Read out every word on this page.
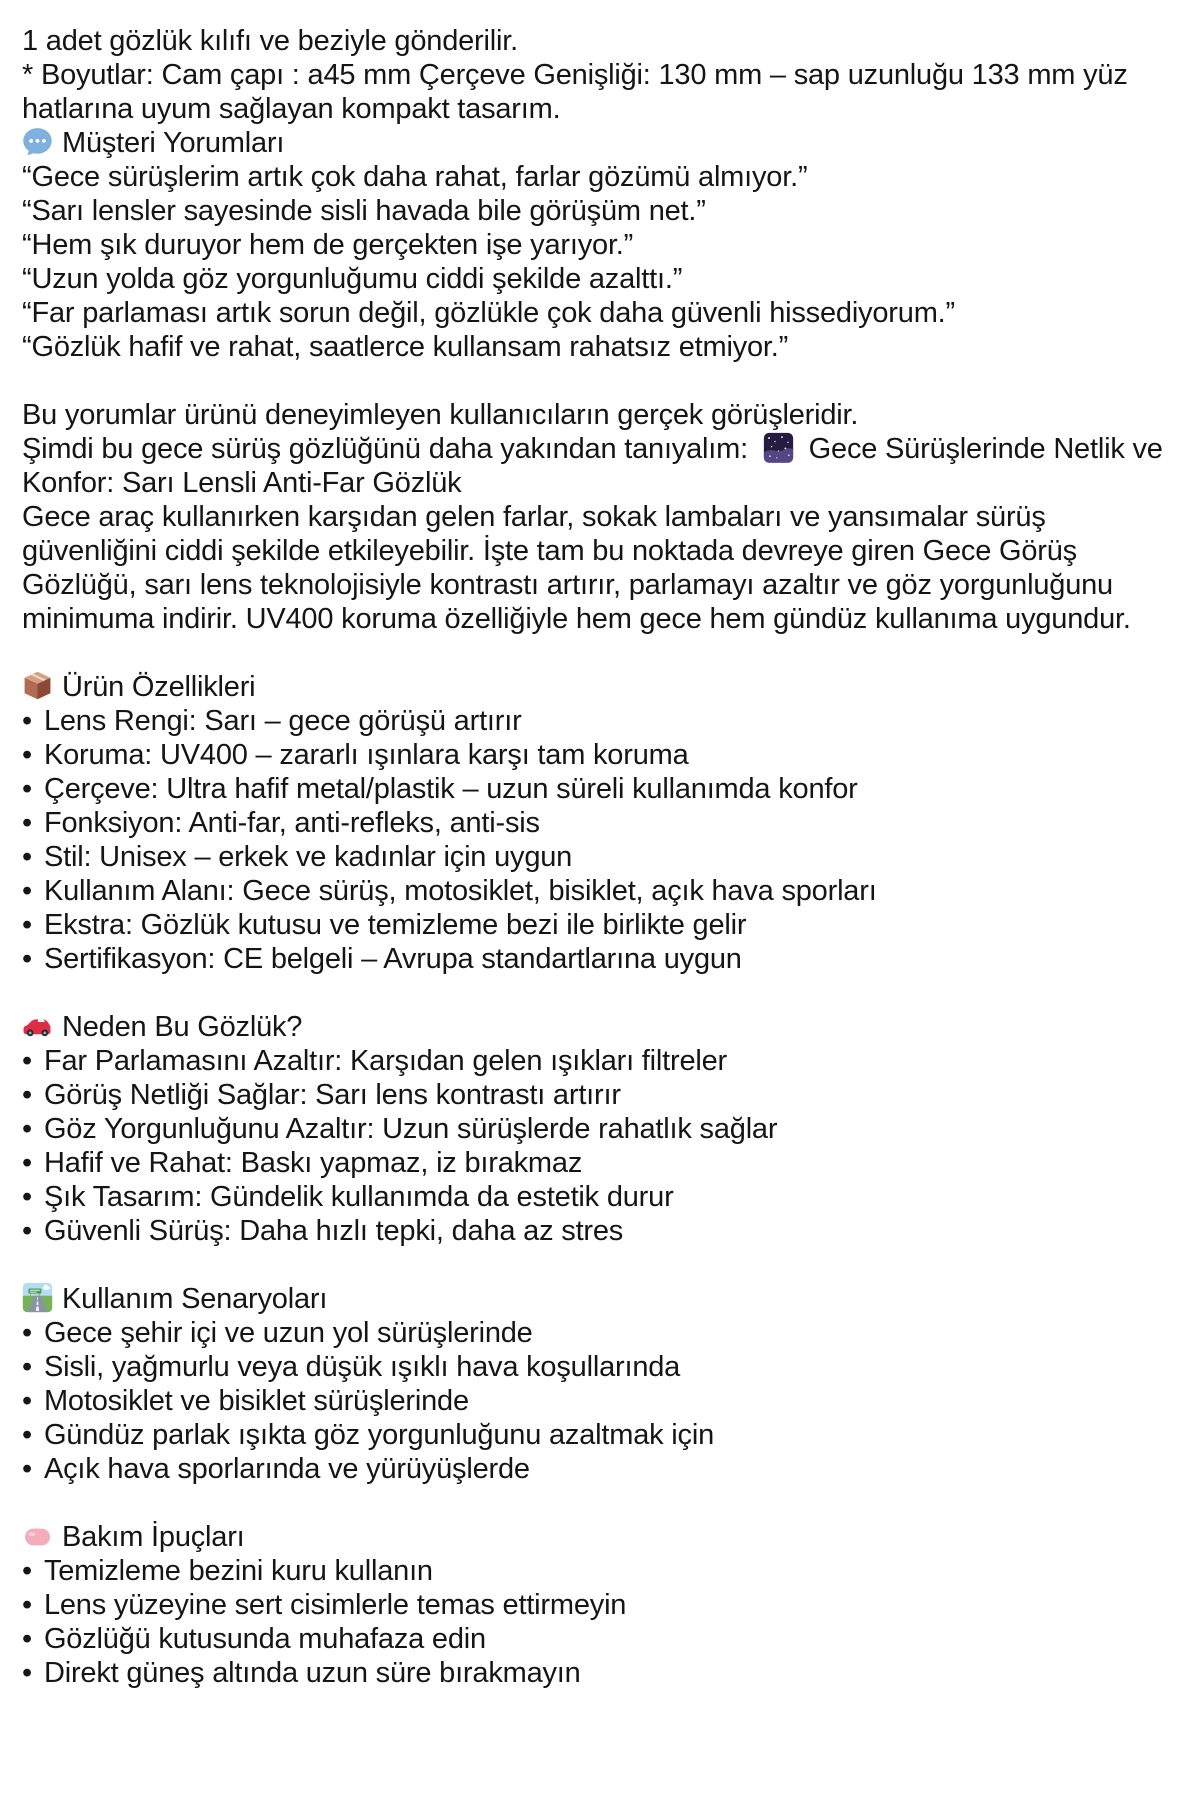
1 adet gözlük kılıfı ve beziyle gönderilir.

* Boyutlar: Cam çapı : a45 mm Çerçeve Genişliği: 130 mm – sap uzunluğu 133 mm yüz hatlarına uyum sağlayan kompakt tasarım.

Müşteri Yorumları

“Gece sürüşlerim artık çok daha rahat, farlar gözümü almıyor.”

“Sarı lensler sayesinde sisli havada bile görüşüm net.”

“Hem şık duruyor hem de gerçekten işe yarıyor.”

“Uzun yolda göz yorgunluğumu ciddi şekilde azalttı.”

“Far parlaması artık sorun değil, gözlükle çok daha güvenli hissediyorum.”

“Gözlük hafif ve rahat, saatlerce kullansam rahatsız etmiyor.”

Bu yorumlar ürünü deneyimleyen kullanıcıların gerçek görüşleridir.

Şimdi bu gece sürüş gözlüğünü daha yakından tanıyalım: Gece Sürüşlerinde Netlik ve Konfor: Sarı Lensli Anti-Far Gözlük

Gece araç kullanırken karşıdan gelen farlar, sokak lambaları ve yansımalar sürüş güvenliğini ciddi şekilde etkileyebilir. İşte tam bu noktada devreye giren Gece Görüş Gözlüğü, sarı lens teknolojisiyle kontrastı artırır, parlamayı azaltır ve göz yorgunluğunu minimuma indirir. UV400 koruma özelliğiyle hem gece hem gündüz kullanıma uygundur.

Ürün Özellikleri

• Lens Rengi: Sarı – gece görüşü artırır

• Koruma: UV400 – zararlı ışınlara karşı tam koruma

• Çerçeve: Ultra hafif metal/plastik – uzun süreli kullanımda konfor

• Fonksiyon: Anti-far, anti-refleks, anti-sis

• Stil: Unisex – erkek ve kadınlar için uygun

• Kullanım Alanı: Gece sürüş, motosiklet, bisiklet, açık hava sporları

• Ekstra: Gözlük kutusu ve temizleme bezi ile birlikte gelir

• Sertifikasyon: CE belgeli – Avrupa standartlarına uygun

Neden Bu Gözlük?

• Far Parlamasını Azaltır: Karşıdan gelen ışıkları filtreler

• Görüş Netliği Sağlar: Sarı lens kontrastı artırır

• Göz Yorgunluğunu Azaltır: Uzun sürüşlerde rahatlık sağlar

• Hafif ve Rahat: Baskı yapmaz, iz bırakmaz

• Şık Tasarım: Gündelik kullanımda da estetik durur

• Güvenli Sürüş: Daha hızlı tepki, daha az stres

Kullanım Senaryoları

• Gece şehir içi ve uzun yol sürüşlerinde

• Sisli, yağmurlu veya düşük ışıklı hava koşullarında

• Motosiklet ve bisiklet sürüşlerinde

• Gündüz parlak ışıkta göz yorgunluğunu azaltmak için

• Açık hava sporlarında ve yürüyüşlerde

Bakım İpuçları

• Temizleme bezini kuru kullanın

• Lens yüzeyine sert cisimlerle temas ettirmeyin

• Gözlüğü kutusunda muhafaza edin

• Direkt güneş altında uzun süre bırakmayın
